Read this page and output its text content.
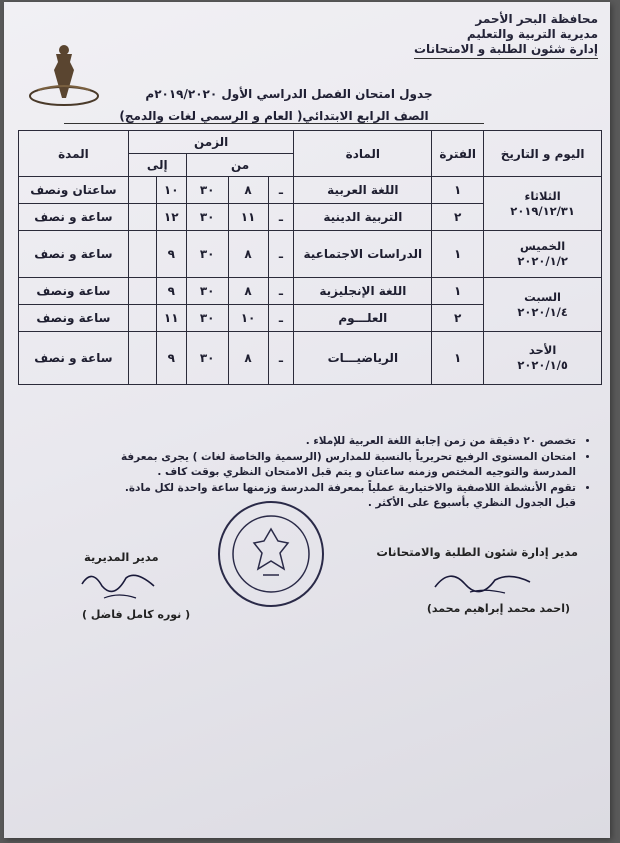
محافظة البحر الأحمر
مديرية التربية والتعليم
إدارة شئون الطلبة و الامتحانات
جدول امتحان الفصل الدراسي الأول ٢٠١٩/٢٠٢٠م
الصف الرابع الابتدائي( العام و الرسمي لغات والدمج)
اليوم و التاريخ	الفترة	المادة	الزمن					المدة
			من			إلى		

الثلاثاء
٢٠١٩/١٢/٣١	١	اللغة العربية	ـ	٨	٣٠	١٠		ساعتان ونصف
	٢	التربية الدينية	ـ	١١	٣٠	١٢		ساعة و نصف

الخميس
٢٠٢٠/١/٢	١	الدراسات الاجتماعية	ـ	٨	٣٠	٩		ساعة و نصف

السبت
٢٠٢٠/١/٤	١	اللغة الإنجليزية	ـ	٨	٣٠	٩		ساعة ونصف
	٢	العلـــوم	ـ	١٠	٣٠	١١		ساعة ونصف

الأحد
٢٠٢٠/١/٥	١	الرياضيـــات	ـ	٨	٣٠	٩		ساعة و نصف
• تخصص ٢٠ دقيقة من زمن إجابة اللغة العربية للإملاء .
• امتحان المستوى الرفيع تحريرياً بالنسبة للمدارس (الرسمية والخاصة لغات ) يجرى بمعرفة المدرسة والتوجيه المختص وزمنه ساعتان و يتم قبل الامتحان النظري بوقت كاف .
• تقوم الأنشطة اللاصفية والاختيارية عملياً بمعرفة المدرسة وزمنها ساعة واحدة لكل مادة. قبل الجدول النظري بأسبوع على الأكثر .
مدير إدارة شئون الطلبة والامتحانات
(احمد محمد إبراهيم محمد)
مدير المديرية
( نوره كامل فاضل )
